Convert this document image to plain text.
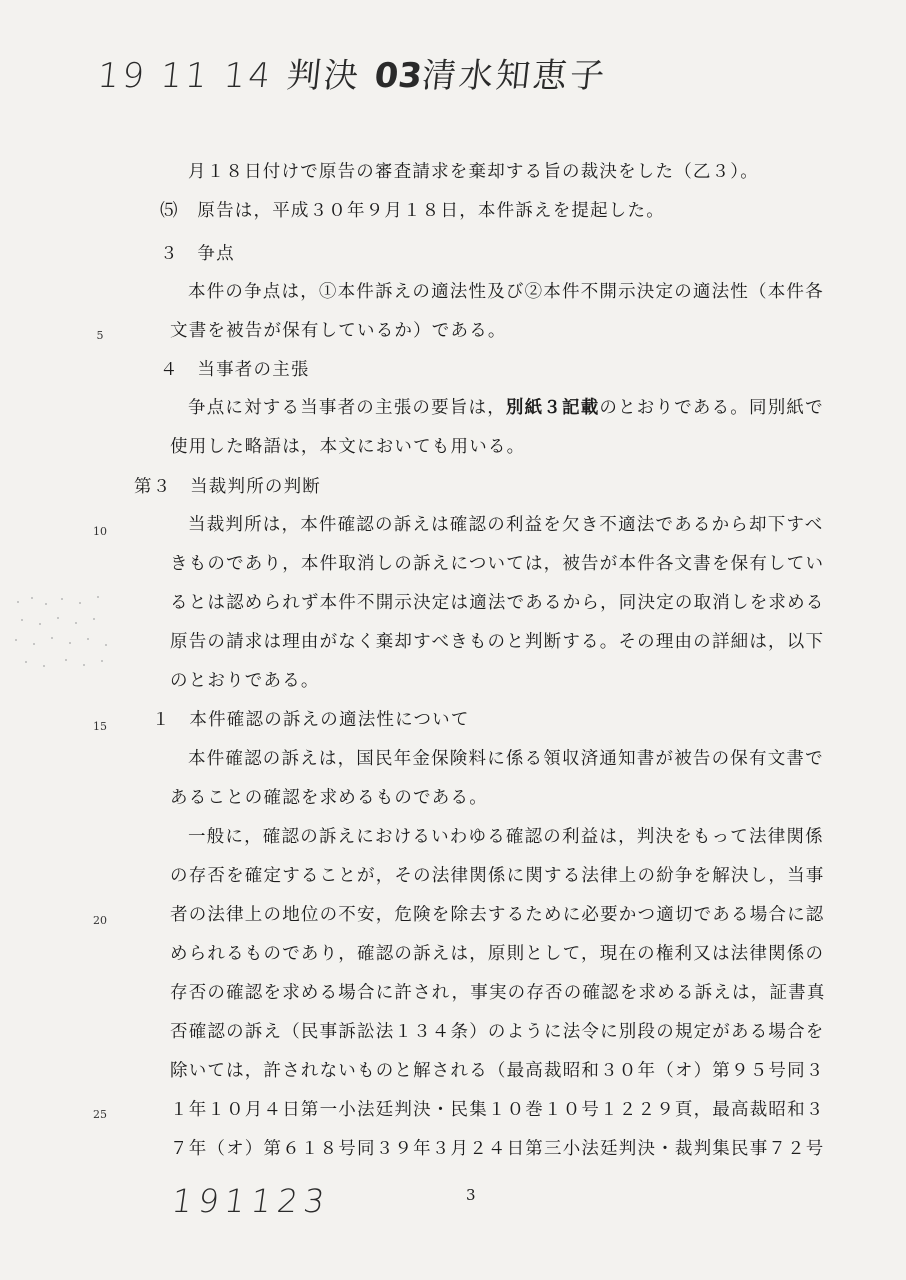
19 11 14 判決 03清水知恵子
5
10
15
20
25
月１８日付けで原告の審査請求を棄却する旨の裁決をした（乙３）。
⑸　原告は，平成３０年９月１８日，本件訴えを提起した。
３　争点
本件の争点は，①本件訴えの適法性及び②本件不開示決定の適法性（本件各
文書を被告が保有しているか）である。
４　当事者の主張
争点に対する当事者の主張の要旨は，別紙３記載のとおりである。同別紙で
使用した略語は，本文においても用いる。
第３　当裁判所の判断
当裁判所は，本件確認の訴えは確認の利益を欠き不適法であるから却下すべ
きものであり，本件取消しの訴えについては，被告が本件各文書を保有してい
るとは認められず本件不開示決定は適法であるから，同決定の取消しを求める
原告の請求は理由がなく棄却すべきものと判断する。その理由の詳細は，以下
のとおりである。
１　本件確認の訴えの適法性について
本件確認の訴えは，国民年金保険料に係る領収済通知書が被告の保有文書で
あることの確認を求めるものである。
一般に，確認の訴えにおけるいわゆる確認の利益は，判決をもって法律関係
の存否を確定することが，その法律関係に関する法律上の紛争を解決し，当事
者の法律上の地位の不安，危険を除去するために必要かつ適切である場合に認
められるものであり，確認の訴えは，原則として，現在の権利又は法律関係の
存否の確認を求める場合に許され，事実の存否の確認を求める訴えは，証書真
否確認の訴え（民事訴訟法１３４条）のように法令に別段の規定がある場合を
除いては，許されないものと解される（最高裁昭和３０年（オ）第９５号同３
１年１０月４日第一小法廷判決・民集１０巻１０号１２２９頁，最高裁昭和３
７年（オ）第６１８号同３９年３月２４日第三小法廷判決・裁判集民事７２号
3
191123
